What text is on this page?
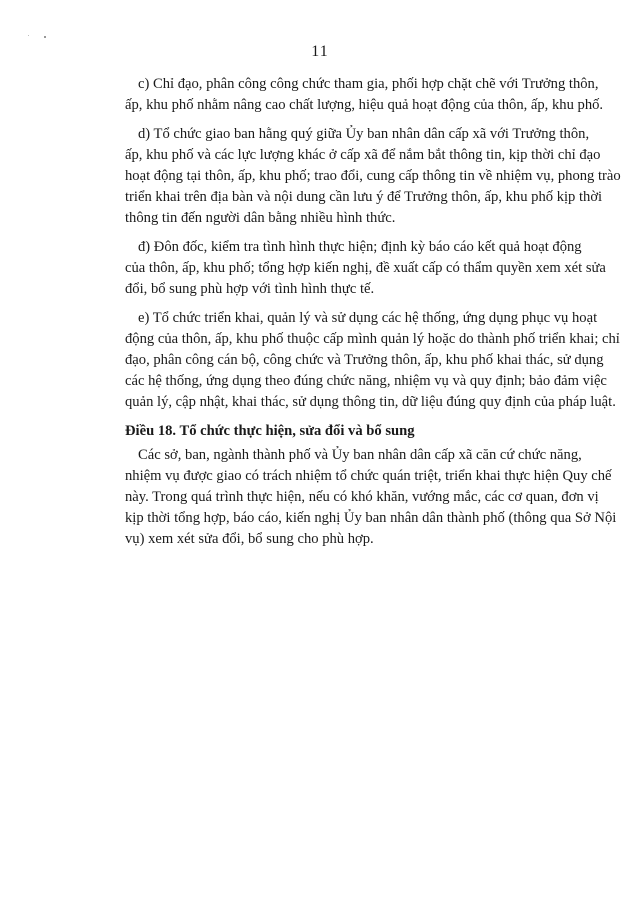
11
c) Chỉ đạo, phân công công chức tham gia, phối hợp chặt chẽ với Trưởng thôn,
ấp, khu phố nhằm nâng cao chất lượng, hiệu quả hoạt động của thôn, ấp, khu phố.
d) Tổ chức giao ban hằng quý giữa Ủy ban nhân dân cấp xã với Trưởng thôn,
ấp, khu phố và các lực lượng khác ở cấp xã để nắm bắt thông tin, kịp thời chỉ đạo
hoạt động tại thôn, ấp, khu phố; trao đổi, cung cấp thông tin về nhiệm vụ, phong trào
triển khai trên địa bàn và nội dung cần lưu ý để Trưởng thôn, ấp, khu phố kịp thời
thông tin đến người dân bằng nhiều hình thức.
đ) Đôn đốc, kiểm tra tình hình thực hiện; định kỳ báo cáo kết quả hoạt động
của thôn, ấp, khu phố; tổng hợp kiến nghị, đề xuất cấp có thẩm quyền xem xét sửa
đổi, bổ sung phù hợp với tình hình thực tế.
e) Tổ chức triển khai, quản lý và sử dụng các hệ thống, ứng dụng phục vụ hoạt
động của thôn, ấp, khu phố thuộc cấp mình quản lý hoặc do thành phố triển khai; chỉ
đạo, phân công cán bộ, công chức và Trưởng thôn, ấp, khu phố khai thác, sử dụng
các hệ thống, ứng dụng theo đúng chức năng, nhiệm vụ và quy định; bảo đảm việc
quản lý, cập nhật, khai thác, sử dụng thông tin, dữ liệu đúng quy định của pháp luật.
Điều 18. Tổ chức thực hiện, sửa đổi và bổ sung
Các sở, ban, ngành thành phố và Ủy ban nhân dân cấp xã căn cứ chức năng,
nhiệm vụ được giao có trách nhiệm tổ chức quán triệt, triển khai thực hiện Quy chế
này. Trong quá trình thực hiện, nếu có khó khăn, vướng mắc, các cơ quan, đơn vị
kịp thời tổng hợp, báo cáo, kiến nghị Ủy ban nhân dân thành phố (thông qua Sở Nội
vụ) xem xét sửa đổi, bổ sung cho phù hợp.
